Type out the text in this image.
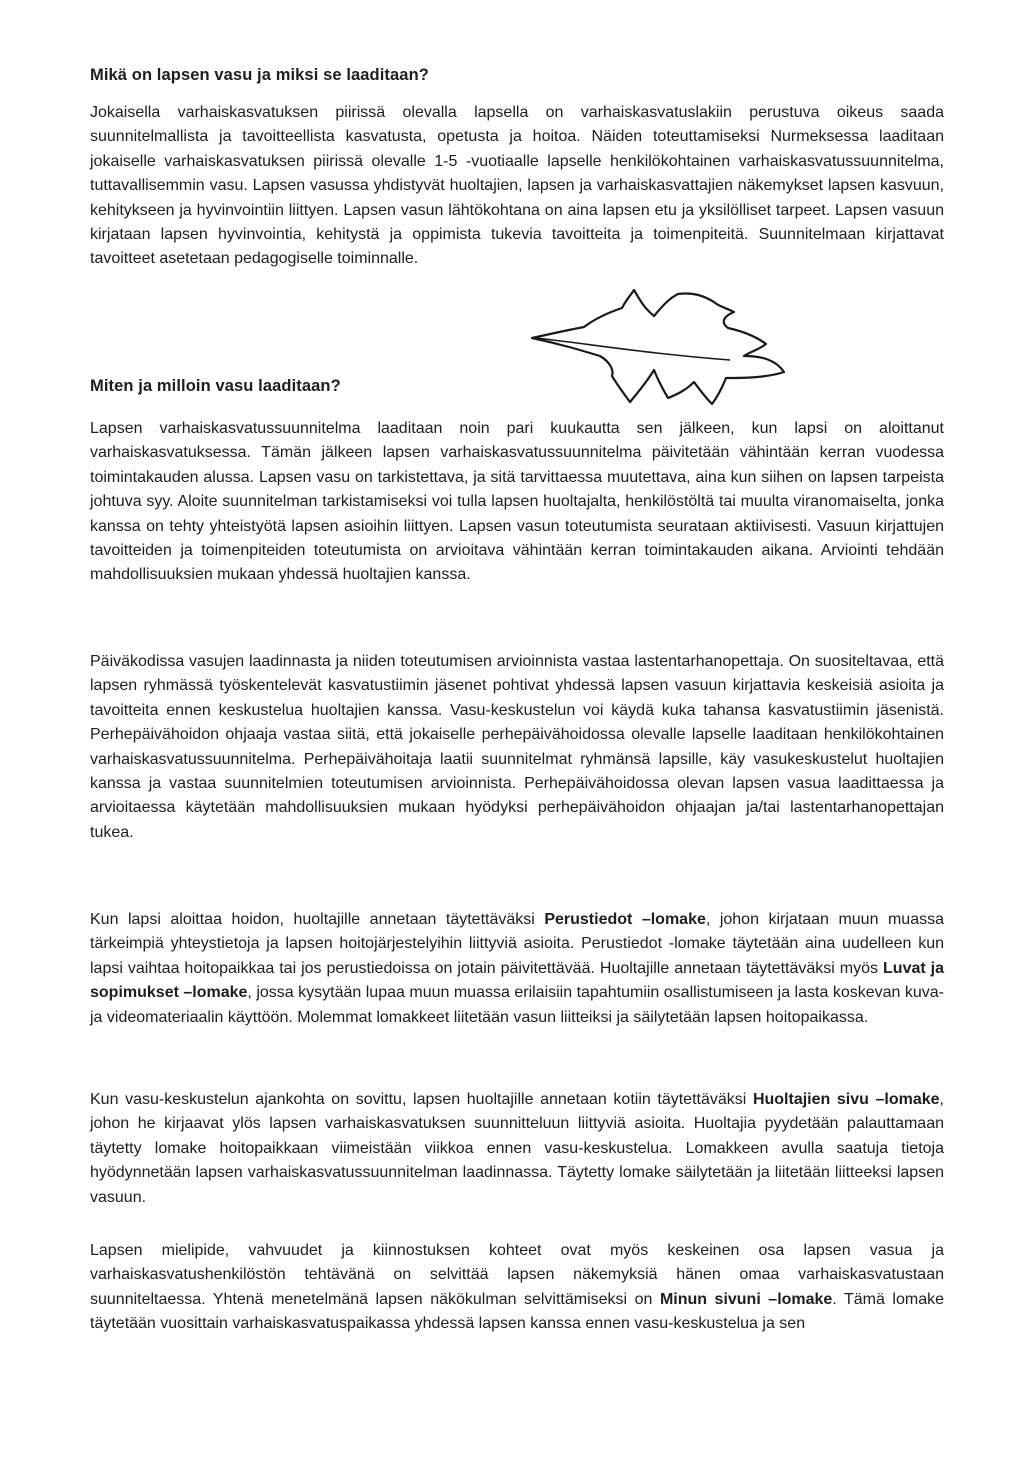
Mikä on lapsen vasu ja miksi se laaditaan?

Jokaisella varhaiskasvatuksen piirissä olevalla lapsella on varhaiskasvatuslakiin perustuva oikeus saada suunnitelmallista ja tavoitteellista kasvatusta, opetusta ja hoitoa. Näiden toteuttamiseksi Nurmeksessa laaditaan jokaiselle varhaiskasvatuksen piirissä olevalle 1-5 -vuotiaalle lapselle henkilökohtainen varhaiskasvatussuunnitelma, tuttavallisemmin vasu. Lapsen vasussa yhdistyvät huoltajien, lapsen ja varhaiskasvattajien näkemykset lapsen kasvuun, kehitykseen ja hyvinvointiin liittyen. Lapsen vasun lähtökohtana on aina lapsen etu ja yksilölliset tarpeet. Lapsen vasuun kirjataan lapsen hyvinvointia, kehitystä ja oppimista tukevia tavoitteita ja toimenpiteitä. Suunnitelmaan kirjattavat tavoitteet asetetaan pedagogiselle toiminnalle.

Miten ja milloin vasu laaditaan?

Lapsen varhaiskasvatussuunnitelma laaditaan noin pari kuukautta sen jälkeen, kun lapsi on aloittanut varhaiskasvatuksessa. Tämän jälkeen lapsen varhaiskasvatussuunnitelma päivitetään vähintään kerran vuodessa toimintakauden alussa. Lapsen vasu on tarkistettava, ja sitä tarvittaessa muutettava, aina kun siihen on lapsen tarpeista johtuva syy. Aloite suunnitelman tarkistamiseksi voi tulla lapsen huoltajalta, henkilöstöltä tai muulta viranomaiselta, jonka kanssa on tehty yhteistyötä lapsen asioihin liittyen. Lapsen vasun toteutumista seurataan aktiivisesti. Vasuun kirjattujen tavoitteiden ja toimenpiteiden toteutumista on arvioitava vähintään kerran toimintakauden aikana. Arviointi tehdään mahdollisuuksien mukaan yhdessä huoltajien kanssa.

Päiväkodissa vasujen laadinnasta ja niiden toteutumisen arvioinnista vastaa lastentarhanopettaja. On suositeltavaa, että lapsen ryhmässä työskentelevät kasvatustiimin jäsenet pohtivat yhdessä lapsen vasuun kirjattavia keskeisiä asioita ja tavoitteita ennen keskustelua huoltajien kanssa. Vasu-keskustelun voi käydä kuka tahansa kasvatustiimin jäsenistä. Perhepäivähoidon ohjaaja vastaa siitä, että jokaiselle perhepäivähoidossa olevalle lapselle laaditaan henkilökohtainen varhaiskasvatussuunnitelma. Perhepäivähoitaja laatii suunnitelmat ryhmänsä lapsille, käy vasukeskustelut huoltajien kanssa ja vastaa suunnitelmien toteutumisen arvioinnista. Perhepäivähoidossa olevan lapsen vasua laadittaessa ja arvioitaessa käytetään mahdollisuuksien mukaan hyödyksi perhepäivähoidon ohjaajan ja/tai lastentarhanopettajan tukea.

Kun lapsi aloittaa hoidon, huoltajille annetaan täytettäväksi Perustiedot –lomake, johon kirjataan muun muassa tärkeimpiä yhteystietoja ja lapsen hoitojärjestelyihin liittyviä asioita. Perustiedot -lomake täytetään aina uudelleen kun lapsi vaihtaa hoitopaikkaa tai jos perustiedoissa on jotain päivitettävää. Huoltajille annetaan täytettäväksi myös Luvat ja sopimukset –lomake, jossa kysytään lupaa muun muassa erilaisiin tapahtumiin osallistumiseen ja lasta koskevan kuva- ja videomateriaalin käyttöön. Molemmat lomakkeet liitetään vasun liitteiksi ja säilytetään lapsen hoitopaikassa.

Kun vasu-keskustelun ajankohta on sovittu, lapsen huoltajille annetaan kotiin täytettäväksi Huoltajien sivu –lomake, johon he kirjaavat ylös lapsen varhaiskasvatuksen suunnitteluun liittyviä asioita. Huoltajia pyydetään palauttamaan täytetty lomake hoitopaikkaan viimeistään viikkoa ennen vasu-keskustelua. Lomakkeen avulla saatuja tietoja hyödynnetään lapsen varhaiskasvatussuunnitelman laadinnassa. Täytetty lomake säilytetään ja liitetään liitteeksi lapsen vasuun.

Lapsen mielipide, vahvuudet ja kiinnostuksen kohteet ovat myös keskeinen osa lapsen vasua ja varhaiskasvatushenkilöstön tehtävänä on selvittää lapsen näkemyksiä hänen omaa varhaiskasvatustaan suunniteltaessa. Yhtenä menetelmänä lapsen näkökulman selvittämiseksi on Minun sivuni –lomake. Tämä lomake täytetään vuosittain varhaiskasvatuspaikassa yhdessä lapsen kanssa ennen vasu-keskustelua ja sen
